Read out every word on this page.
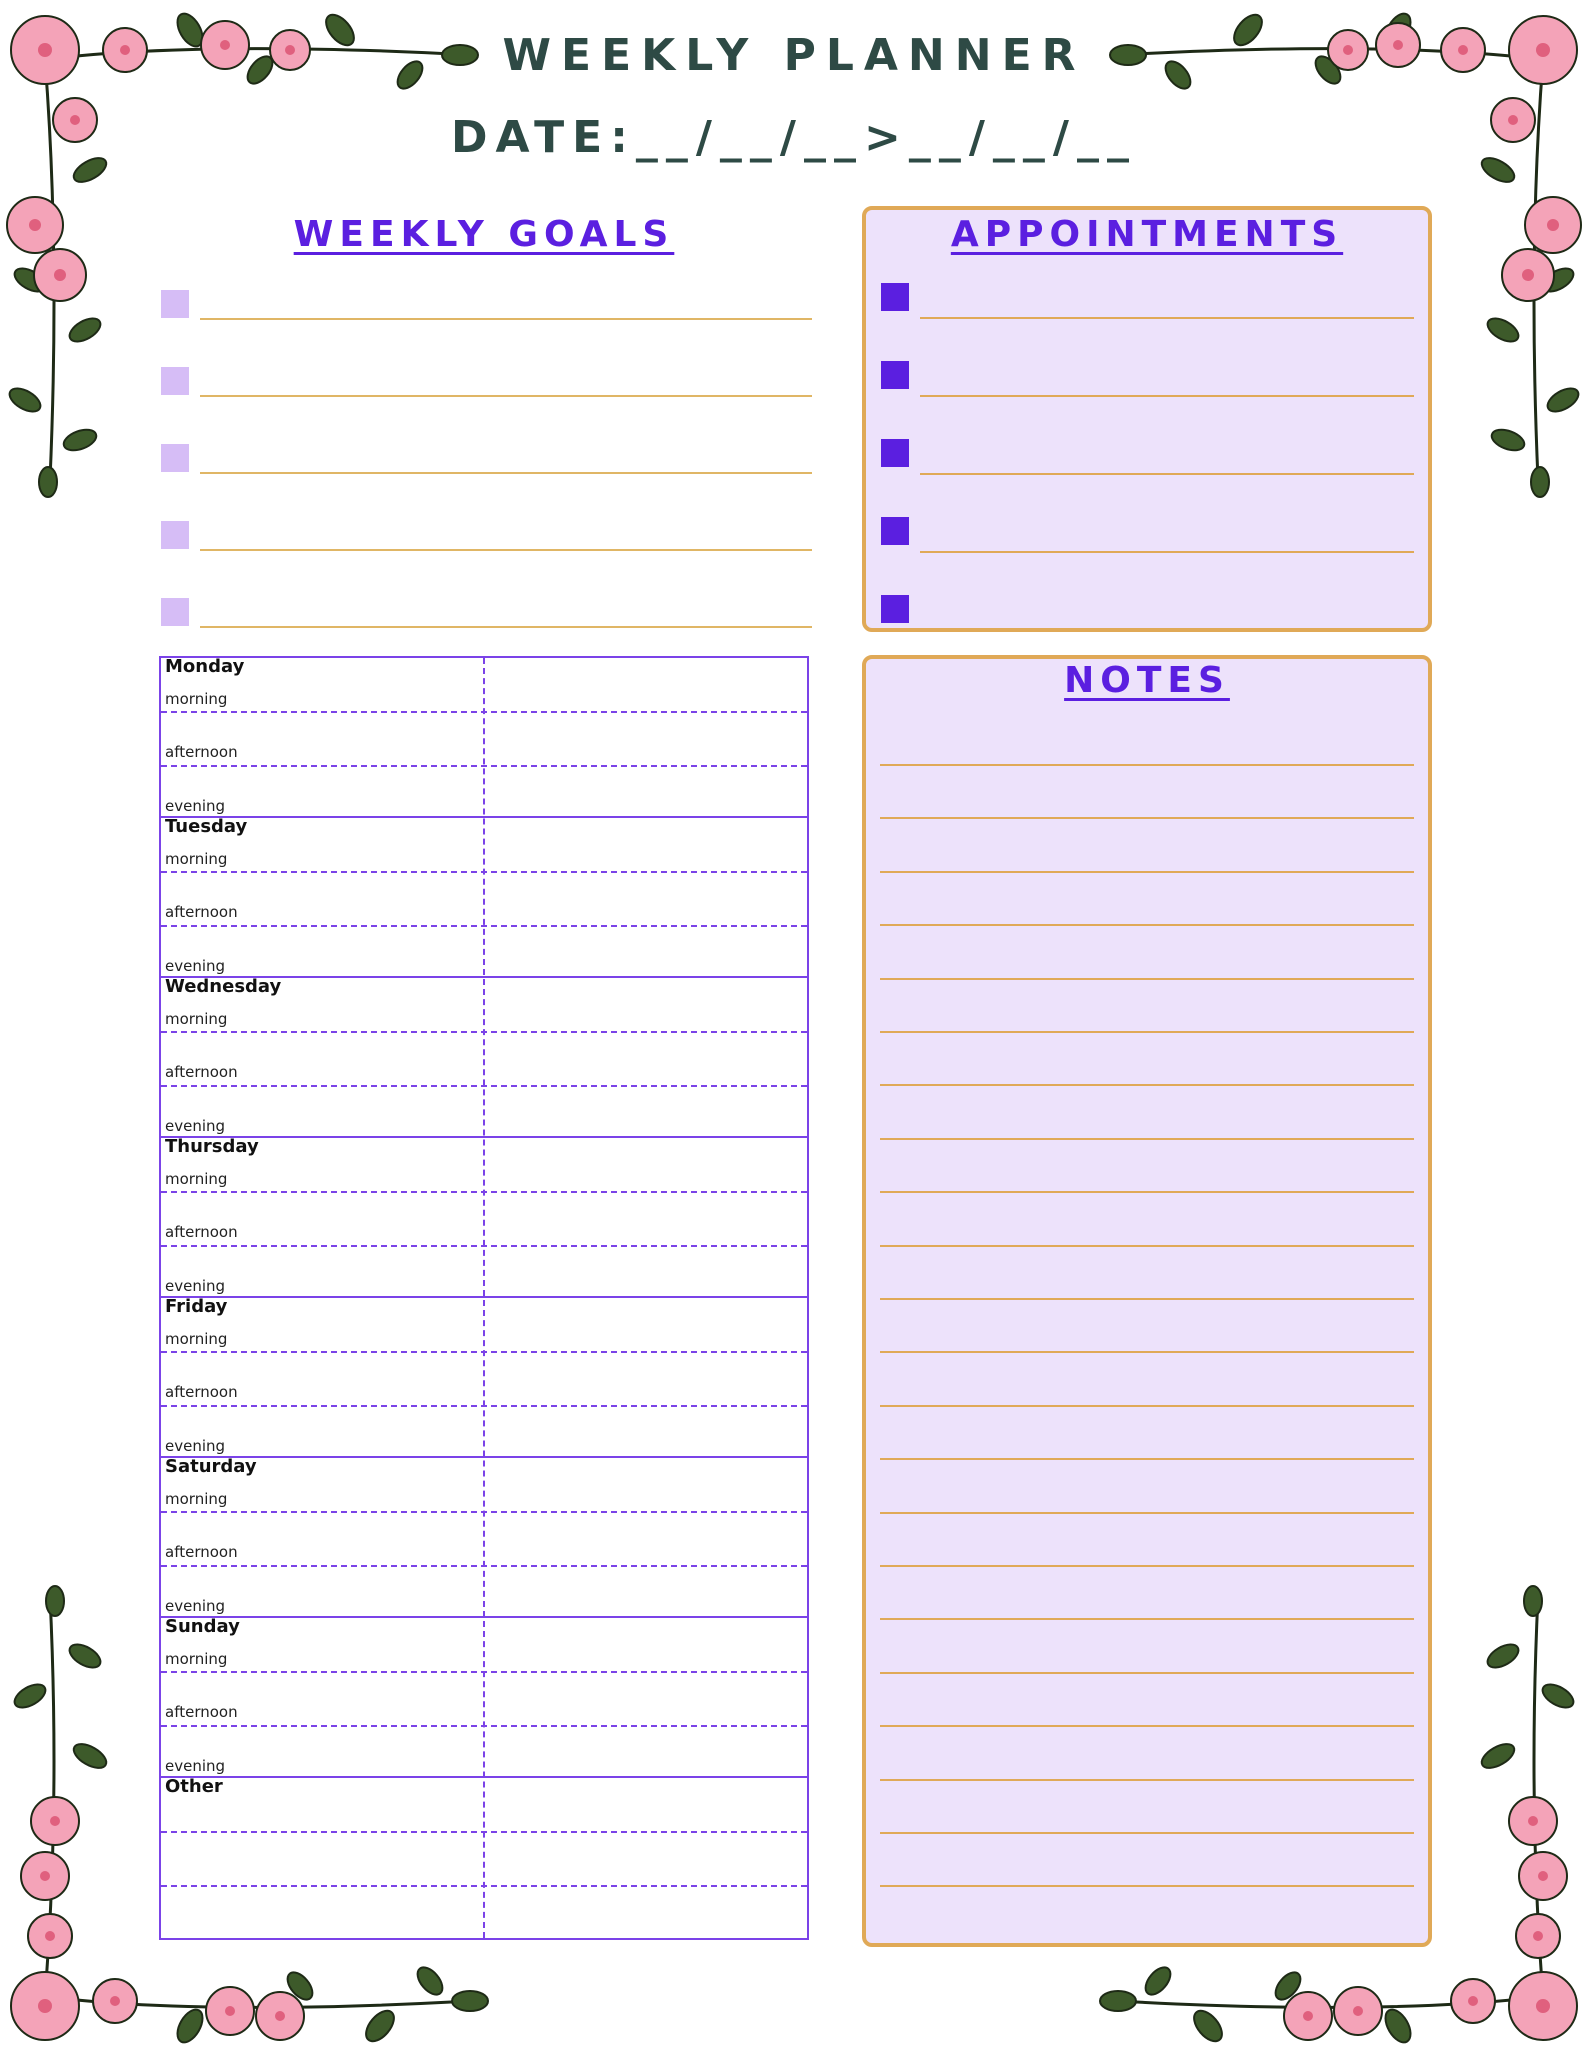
WEEKLY PLANNER
DATE:__/__/__>__/__/__
WEEKLY GOALS	APPOINTMENTS
NOTES
Monday
morning
afternoon
evening
Tuesday
morning
afternoon
evening
Wednesday
morning
afternoon
evening
Thursday
morning
afternoon
evening
Friday
morning
afternoon
evening
Saturday
morning
afternoon
evening
Sunday
morning
afternoon
evening
Other
